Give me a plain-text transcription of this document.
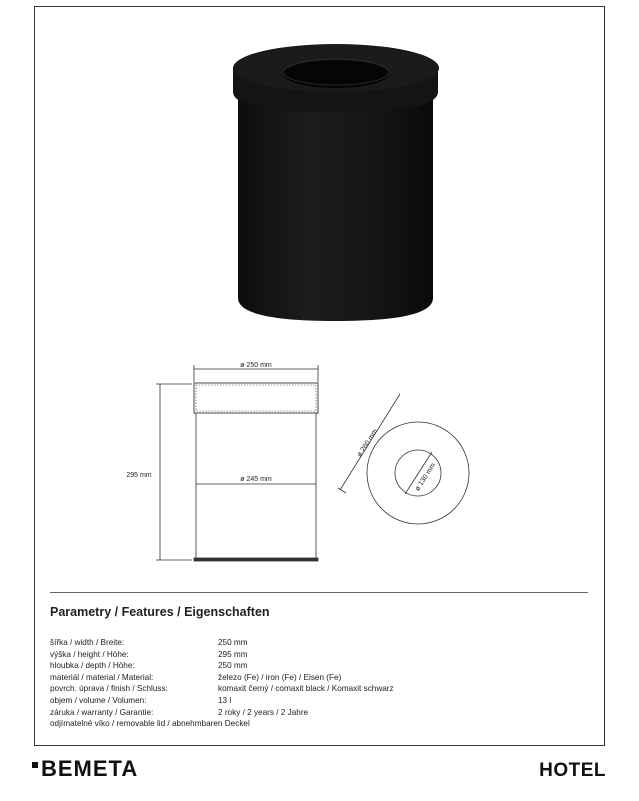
ø 250 mm
ø 245 mm
295 mm
ø 260 mm
ø 130 mm
Parametry / Features / Eigenschaften
šířka / width / Breite:	250 mm
výška / height / Höhe:	295 mm
hloubka / depth / Höhe:	250 mm
materiál / material / Material:	železo (Fe) / iron (Fe) / Eisen (Fe)
povrch. úprava / finish / Schluss:	komaxit černý / comaxit black / Komaxit schwarz
objem / volume / Volumen:	13 l
záruka / warranty / Garantie:	2 roky / 2 years / 2 Jahre
odjímatelné víko / removable lid / abnehmbaren Deckel
BEMETA	HOTEL
